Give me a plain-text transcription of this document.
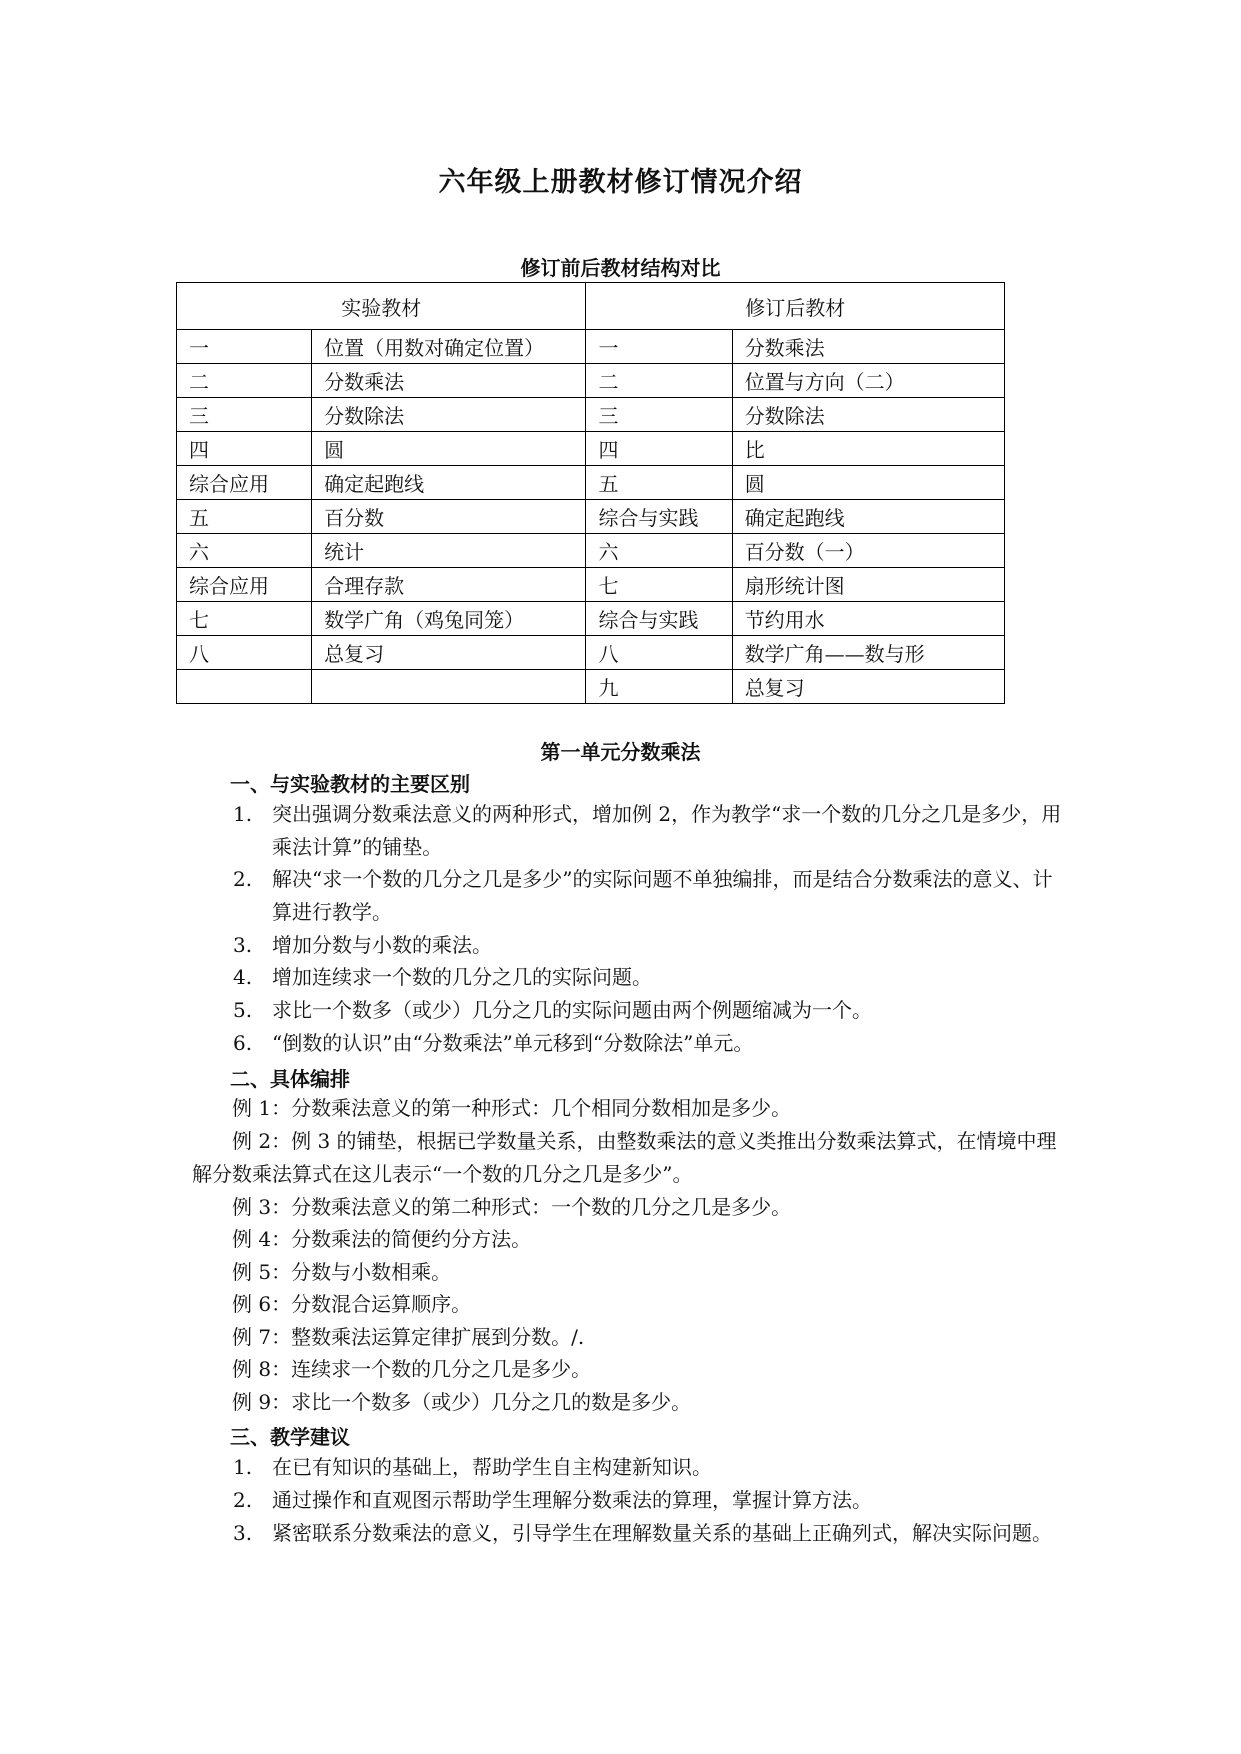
六年级上册教材修订情况介绍
修订前后教材结构对比
实验教材		修订后教材	
一	位置（用数对确定位置）	一	分数乘法
二	分数乘法	二	位置与方向（二）
三	分数除法	三	分数除法
四	圆	四	比
综合应用	确定起跑线	五	圆
五	百分数	综合与实践	确定起跑线
六	统计	六	百分数（一）
综合应用	合理存款	七	扇形统计图
七	数学广角（鸡兔同笼）	综合与实践	节约用水
八	总复习	八	数学广角——数与形
		九	总复习
第一单元分数乘法
一、与实验教材的主要区别
1. 突出强调分数乘法意义的两种形式，增加例 2，作为教学“求一个数的几分之几是多少，用乘法计算”的铺垫。
2. 解决“求一个数的几分之几是多少”的实际问题不单独编排，而是结合分数乘法的意义、计算进行教学。
3. 增加分数与小数的乘法。
4. 增加连续求一个数的几分之几的实际问题。
5. 求比一个数多（或少）几分之几的实际问题由两个例题缩减为一个。
6. “倒数的认识”由“分数乘法”单元移到“分数除法”单元。
二、具体编排
例 1：分数乘法意义的第一种形式：几个相同分数相加是多少。
例 2：例 3 的铺垫，根据已学数量关系，由整数乘法的意义类推出分数乘法算式，在情境中理解分数乘法算式在这儿表示“一个数的几分之几是多少”。
例 3：分数乘法意义的第二种形式：一个数的几分之几是多少。
例 4：分数乘法的简便约分方法。
例 5：分数与小数相乘。
例 6：分数混合运算顺序。
例 7：整数乘法运算定律扩展到分数。/.
例 8：连续求一个数的几分之几是多少。
例 9：求比一个数多（或少）几分之几的数是多少。
三、教学建议
1. 在已有知识的基础上，帮助学生自主构建新知识。
2. 通过操作和直观图示帮助学生理解分数乘法的算理，掌握计算方法。
3. 紧密联系分数乘法的意义，引导学生在理解数量关系的基础上正确列式，解决实际问题。
